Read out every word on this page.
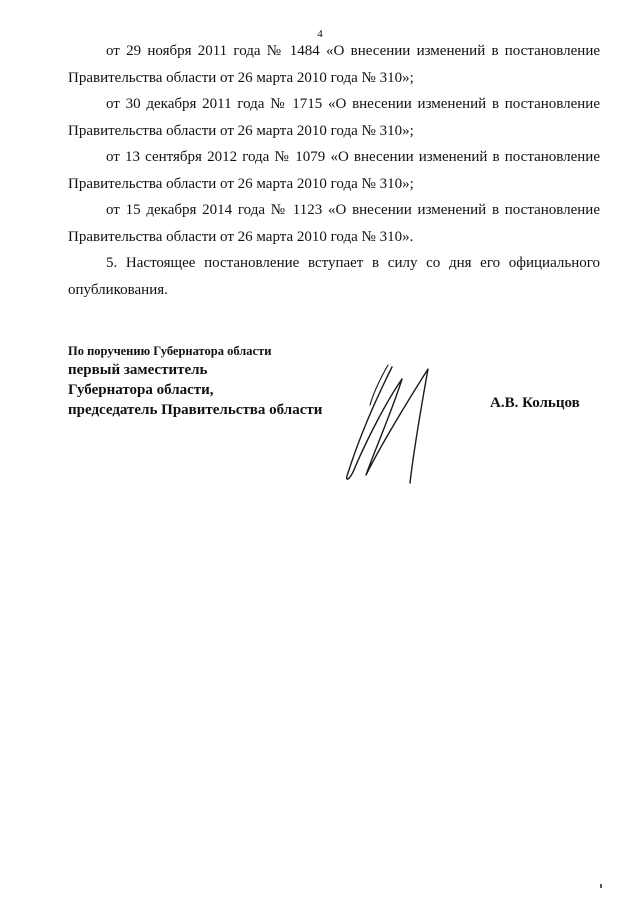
4

от 29 ноября 2011 года № 1484 «О внесении изменений в постановление Правительства области от 26 марта 2010 года № 310»;

от 30 декабря 2011 года № 1715 «О внесении изменений в постановление Правительства области от 26 марта 2010 года № 310»;

от 13 сентября 2012 года № 1079 «О внесении изменений в постановление Правительства области от 26 марта 2010 года № 310»;

от 15 декабря 2014 года № 1123 «О внесении изменений в постановление Правительства области от 26 марта 2010 года № 310».

5. Настоящее постановление вступает в силу со дня его официального опубликования.

По поручению Губернатора области
первый заместитель
Губернатора области,
председатель Правительства области	А.В. Кольцов
